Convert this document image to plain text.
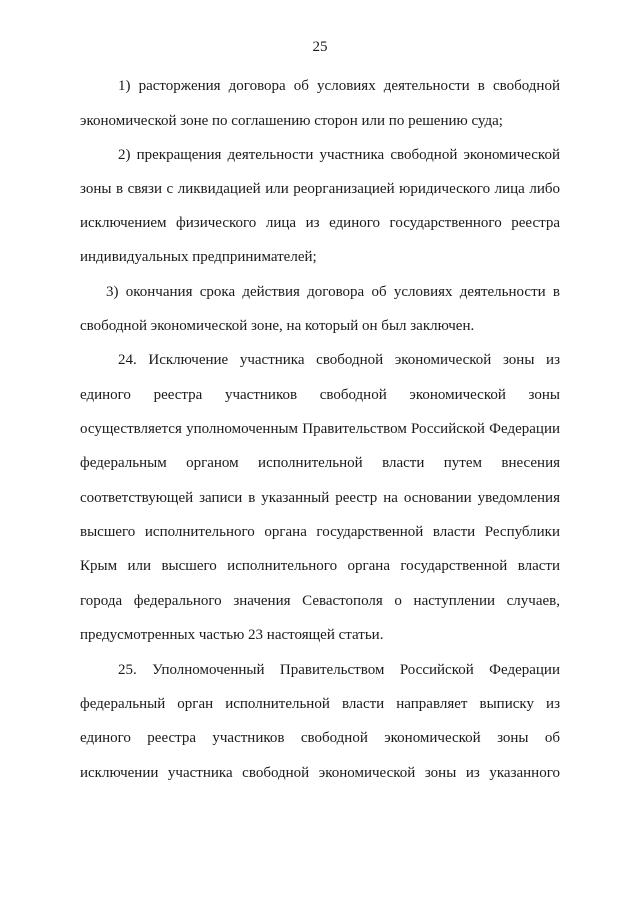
25
1) расторжения договора об условиях деятельности в свободной
экономической зоне по соглашению сторон или по решению суда;
2) прекращения деятельности участника свободной экономической
зоны в связи с ликвидацией или реорганизацией юридического лица либо
исключением физического лица из единого государственного реестра
индивидуальных предпринимателей;
3) окончания срока действия договора об условиях деятельности в
свободной экономической зоне, на который он был заключен.
24. Исключение участника свободной экономической зоны из
единого реестра участников свободной экономической зоны
осуществляется уполномоченным Правительством Российской Федерации
федеральным органом исполнительной власти путем внесения
соответствующей записи в указанный реестр на основании уведомления
высшего исполнительного органа государственной власти Республики
Крым или высшего исполнительного органа государственной власти
города федерального значения Севастополя о наступлении случаев,
предусмотренных частью 23 настоящей статьи.
25. Уполномоченный Правительством Российской Федерации
федеральный орган исполнительной власти направляет выписку из
единого реестра участников свободной экономической зоны об
исключении участника свободной экономической зоны из указанного
